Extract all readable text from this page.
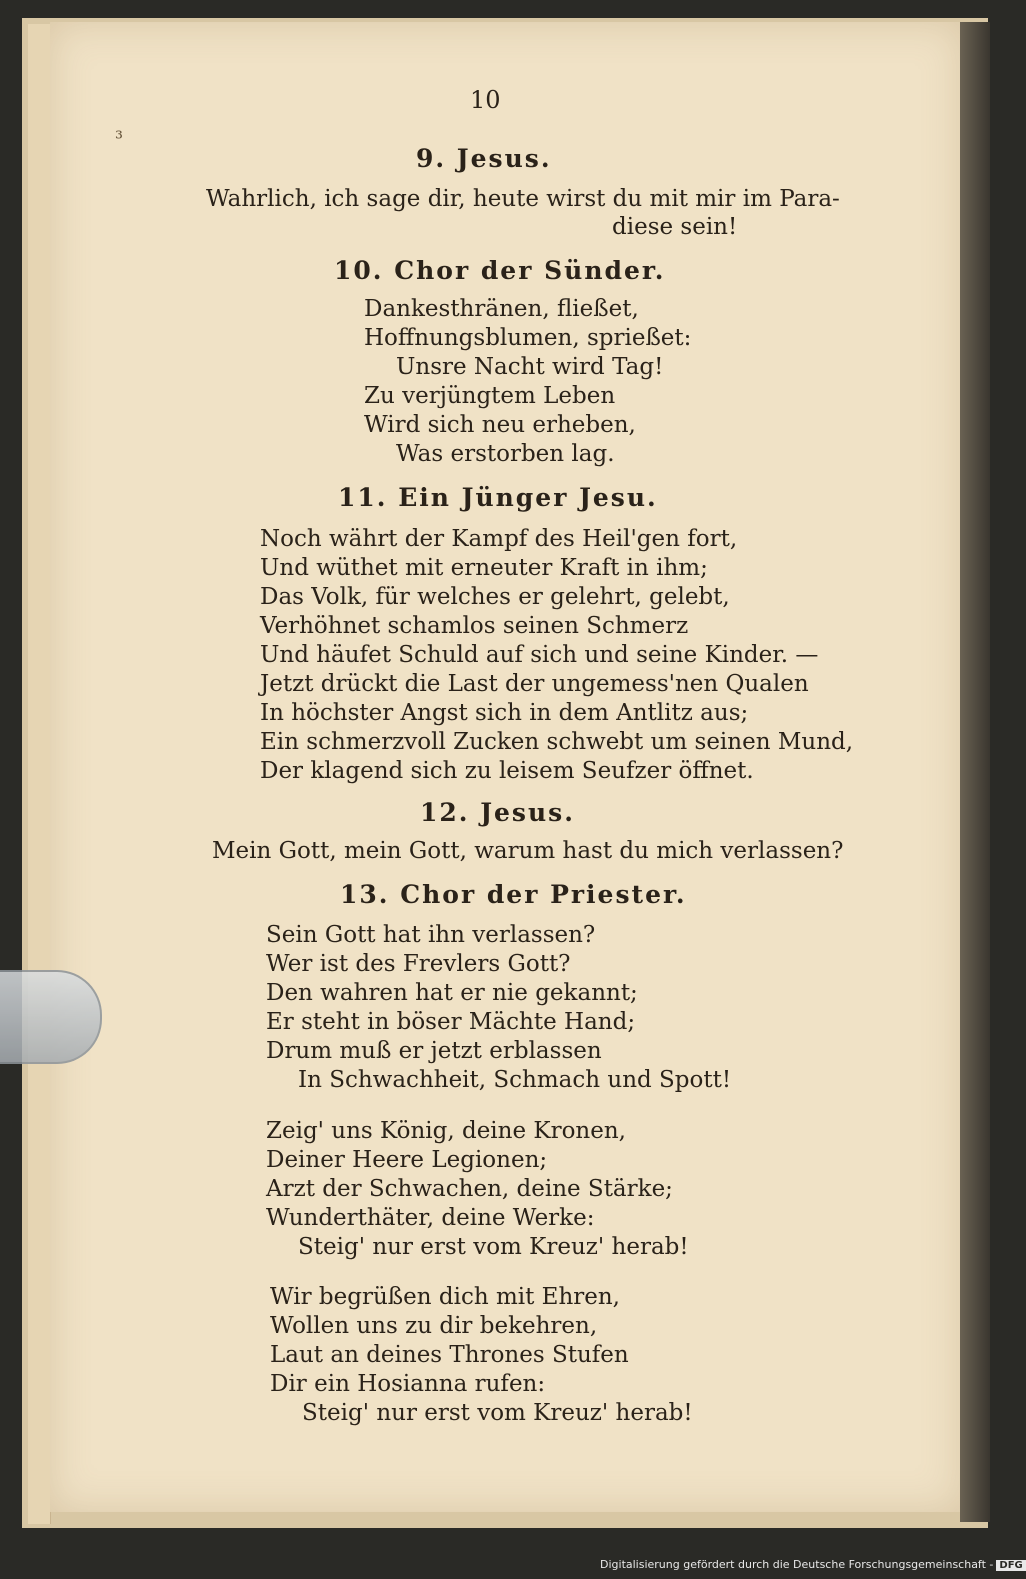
10
³
9. Jesus.
Wahrlich, ich sage dir, heute wirst du mit mir im Para-
diese sein!
10. Chor der Sünder.
Dankesthränen, fließet,
Hoffnungsblumen, sprießet:
Unsre Nacht wird Tag!
Zu verjüngtem Leben
Wird sich neu erheben,
Was erstorben lag.
11. Ein Jünger Jesu.
Noch währt der Kampf des Heil'gen fort,
Und wüthet mit erneuter Kraft in ihm;
Das Volk, für welches er gelehrt, gelebt,
Verhöhnet schamlos seinen Schmerz
Und häufet Schuld auf sich und seine Kinder. —
Jetzt drückt die Last der ungemess'nen Qualen
In höchster Angst sich in dem Antlitz aus;
Ein schmerzvoll Zucken schwebt um seinen Mund,
Der klagend sich zu leisem Seufzer öffnet.
12. Jesus.
Mein Gott, mein Gott, warum hast du mich verlassen?
13. Chor der Priester.
Sein Gott hat ihn verlassen?
Wer ist des Frevlers Gott?
Den wahren hat er nie gekannt;
Er steht in böser Mächte Hand;
Drum muß er jetzt erblassen
In Schwachheit, Schmach und Spott!
Zeig' uns König, deine Kronen,
Deiner Heere Legionen;
Arzt der Schwachen, deine Stärke;
Wunderthäter, deine Werke:
Steig' nur erst vom Kreuz' herab!
Wir begrüßen dich mit Ehren,
Wollen uns zu dir bekehren,
Laut an deines Thrones Stufen
Dir ein Hosianna rufen:
Steig' nur erst vom Kreuz' herab!
Digitalisierung gefördert durch die Deutsche Forschungsgemeinschaft - DFG
